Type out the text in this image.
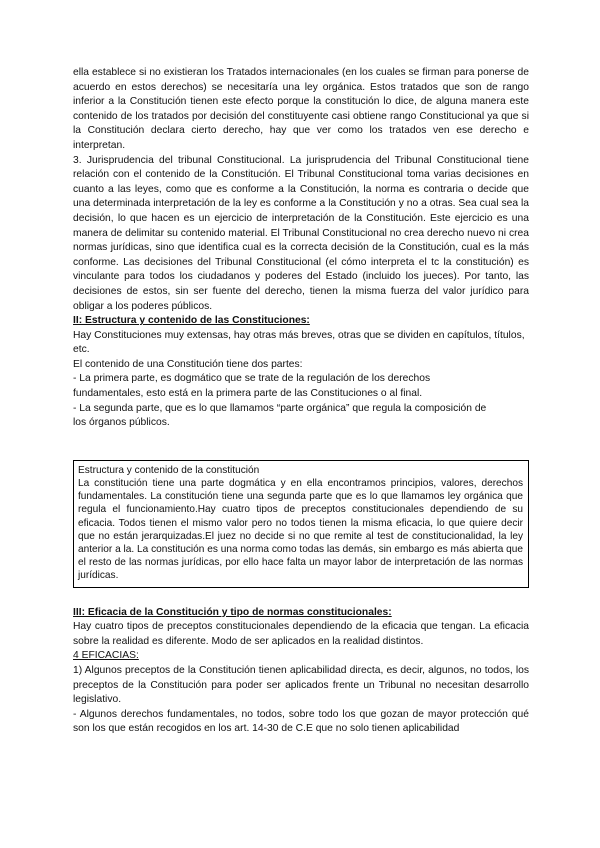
ella establece si no existieran los Tratados internacionales (en los cuales se firman para ponerse de acuerdo en estos derechos) se necesitaría una ley orgánica. Estos tratados que son de rango inferior a la Constitución tienen este efecto porque la constitución lo dice, de alguna manera este contenido de los tratados por decisión del constituyente casi obtiene rango Constitucional ya que si la Constitución declara cierto derecho, hay que ver como los tratados ven ese derecho e interpretan.

3. Jurisprudencia del tribunal Constitucional. La jurisprudencia del Tribunal Constitucional tiene relación con el contenido de la Constitución. El Tribunal Constitucional toma varias decisiones en cuanto a las leyes, como que es conforme a la Constitución, la norma es contraria o decide que una determinada interpretación de la ley es conforme a la Constitución y no a otras. Sea cual sea la decisión, lo que hacen es un ejercicio de interpretación de la Constitución. Este ejercicio es una manera de delimitar su contenido material. El Tribunal Constitucional no crea derecho nuevo ni crea normas jurídicas, sino que identifica cual es la correcta decisión de la Constitución, cual es la más conforme. Las decisiones del Tribunal Constitucional (el cómo interpreta el tc la constitución) es vinculante para todos los ciudadanos y poderes del Estado (incluido los jueces). Por tanto, las decisiones de estos, sin ser fuente del derecho, tienen la misma fuerza del valor jurídico para obligar a los poderes públicos.

II: Estructura y contenido de las Constituciones:

Hay Constituciones muy extensas, hay otras más breves, otras que se dividen en capítulos, títulos, etc.

El contenido de una Constitución tiene dos partes:

- La primera parte, es dogmático que se trate de la regulación de los derechos fundamentales, esto está en la primera parte de las Constituciones o al final.

- La segunda parte, que es lo que llamamos “parte orgánica” que regula la composición de los órganos públicos.

Estructura y contenido de la constitución

La constitución tiene una parte dogmática y en ella encontramos principios, valores, derechos fundamentales. La constitución tiene una segunda parte que es lo que llamamos ley orgánica que regula el funcionamiento.Hay cuatro tipos de preceptos constitucionales dependiendo de su eficacia. Todos tienen el mismo valor pero no todos tienen la misma eficacia, lo que quiere decir que no están jerarquizadas.El juez no decide si no que remite al test de constitucionalidad, la ley anterior a la. La constitución es una norma como todas las demás, sin embargo es más abierta que el resto de las normas jurídicas, por ello hace falta un mayor labor de interpretación de las normas jurídicas.

III: Eficacia de la Constitución y tipo de normas constitucionales:

Hay cuatro tipos de preceptos constitucionales dependiendo de la eficacia que tengan. La eficacia sobre la realidad es diferente. Modo de ser aplicados en la realidad distintos.

4 EFICACIAS:

1) Algunos preceptos de la Constitución tienen aplicabilidad directa, es decir, algunos, no todos, los preceptos de la Constitución para poder ser aplicados frente un Tribunal no necesitan desarrollo legislativo.

- Algunos derechos fundamentales, no todos, sobre todo los que gozan de mayor protección qué son los que están recogidos en los art. 14-30 de C.E que no solo tienen aplicabilidad
